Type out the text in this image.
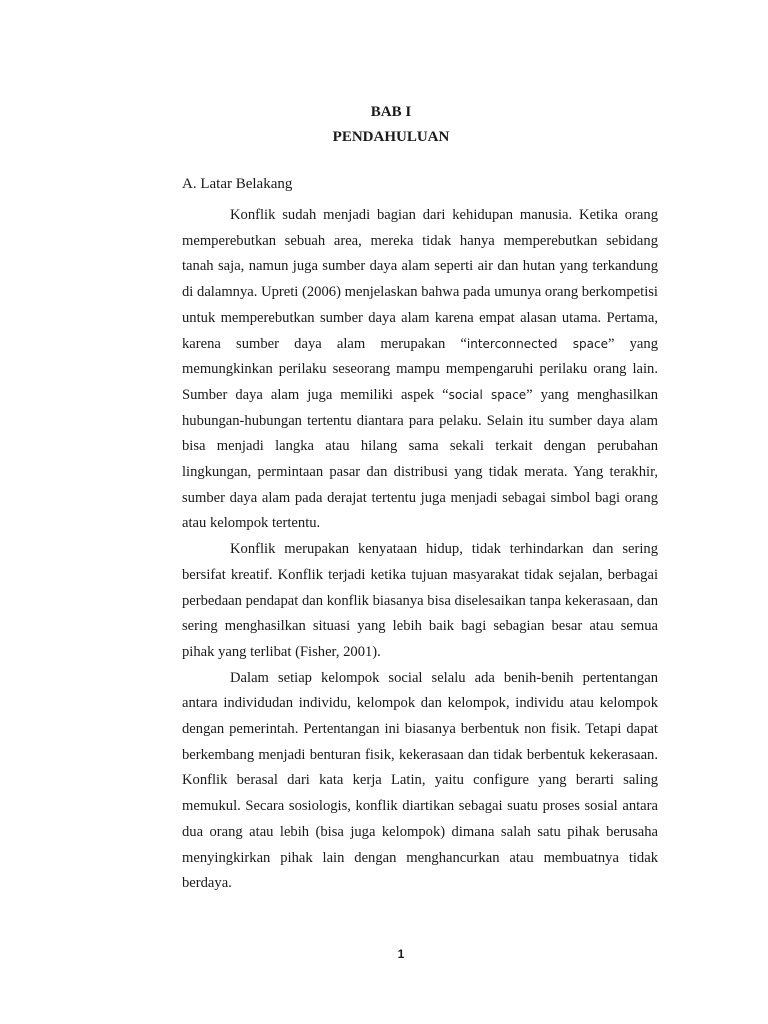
BAB I
PENDAHULUAN
A. Latar Belakang

Konflik sudah menjadi bagian dari kehidupan manusia. Ketika orang memperebutkan sebuah area, mereka tidak hanya memperebutkan sebidang tanah saja, namun juga sumber daya alam seperti air dan hutan yang terkandung di dalamnya. Upreti (2006) menjelaskan bahwa pada umunya orang berkompetisi untuk memperebutkan sumber daya alam karena empat alasan utama. Pertama, karena sumber daya alam merupakan “interconnected space” yang memungkinkan perilaku seseorang mampu mempengaruhi perilaku orang lain. Sumber daya alam juga memiliki aspek “social space” yang menghasilkan hubungan-hubungan tertentu diantara para pelaku. Selain itu sumber daya alam bisa menjadi langka atau hilang sama sekali terkait dengan perubahan lingkungan, permintaan pasar dan distribusi yang tidak merata. Yang terakhir, sumber daya alam pada derajat tertentu juga menjadi sebagai simbol bagi orang atau kelompok tertentu.

Konflik merupakan kenyataan hidup, tidak terhindarkan dan sering bersifat kreatif. Konflik terjadi ketika tujuan masyarakat tidak sejalan, berbagai perbedaan pendapat dan konflik biasanya bisa diselesaikan tanpa kekerasaan, dan sering menghasilkan situasi yang lebih baik bagi sebagian besar atau semua pihak yang terlibat (Fisher, 2001).

Dalam setiap kelompok social selalu ada benih-benih pertentangan antara individudan individu, kelompok dan kelompok, individu atau kelompok dengan pemerintah. Pertentangan ini biasanya berbentuk non fisik. Tetapi dapat berkembang menjadi benturan fisik, kekerasaan dan tidak berbentuk kekerasaan. Konflik berasal dari kata kerja Latin, yaitu configure yang berarti saling memukul. Secara sosiologis, konflik diartikan sebagai suatu proses sosial antara dua orang atau lebih (bisa juga kelompok) dimana salah satu pihak berusaha menyingkirkan pihak lain dengan menghancurkan atau membuatnya tidak berdaya.

1
